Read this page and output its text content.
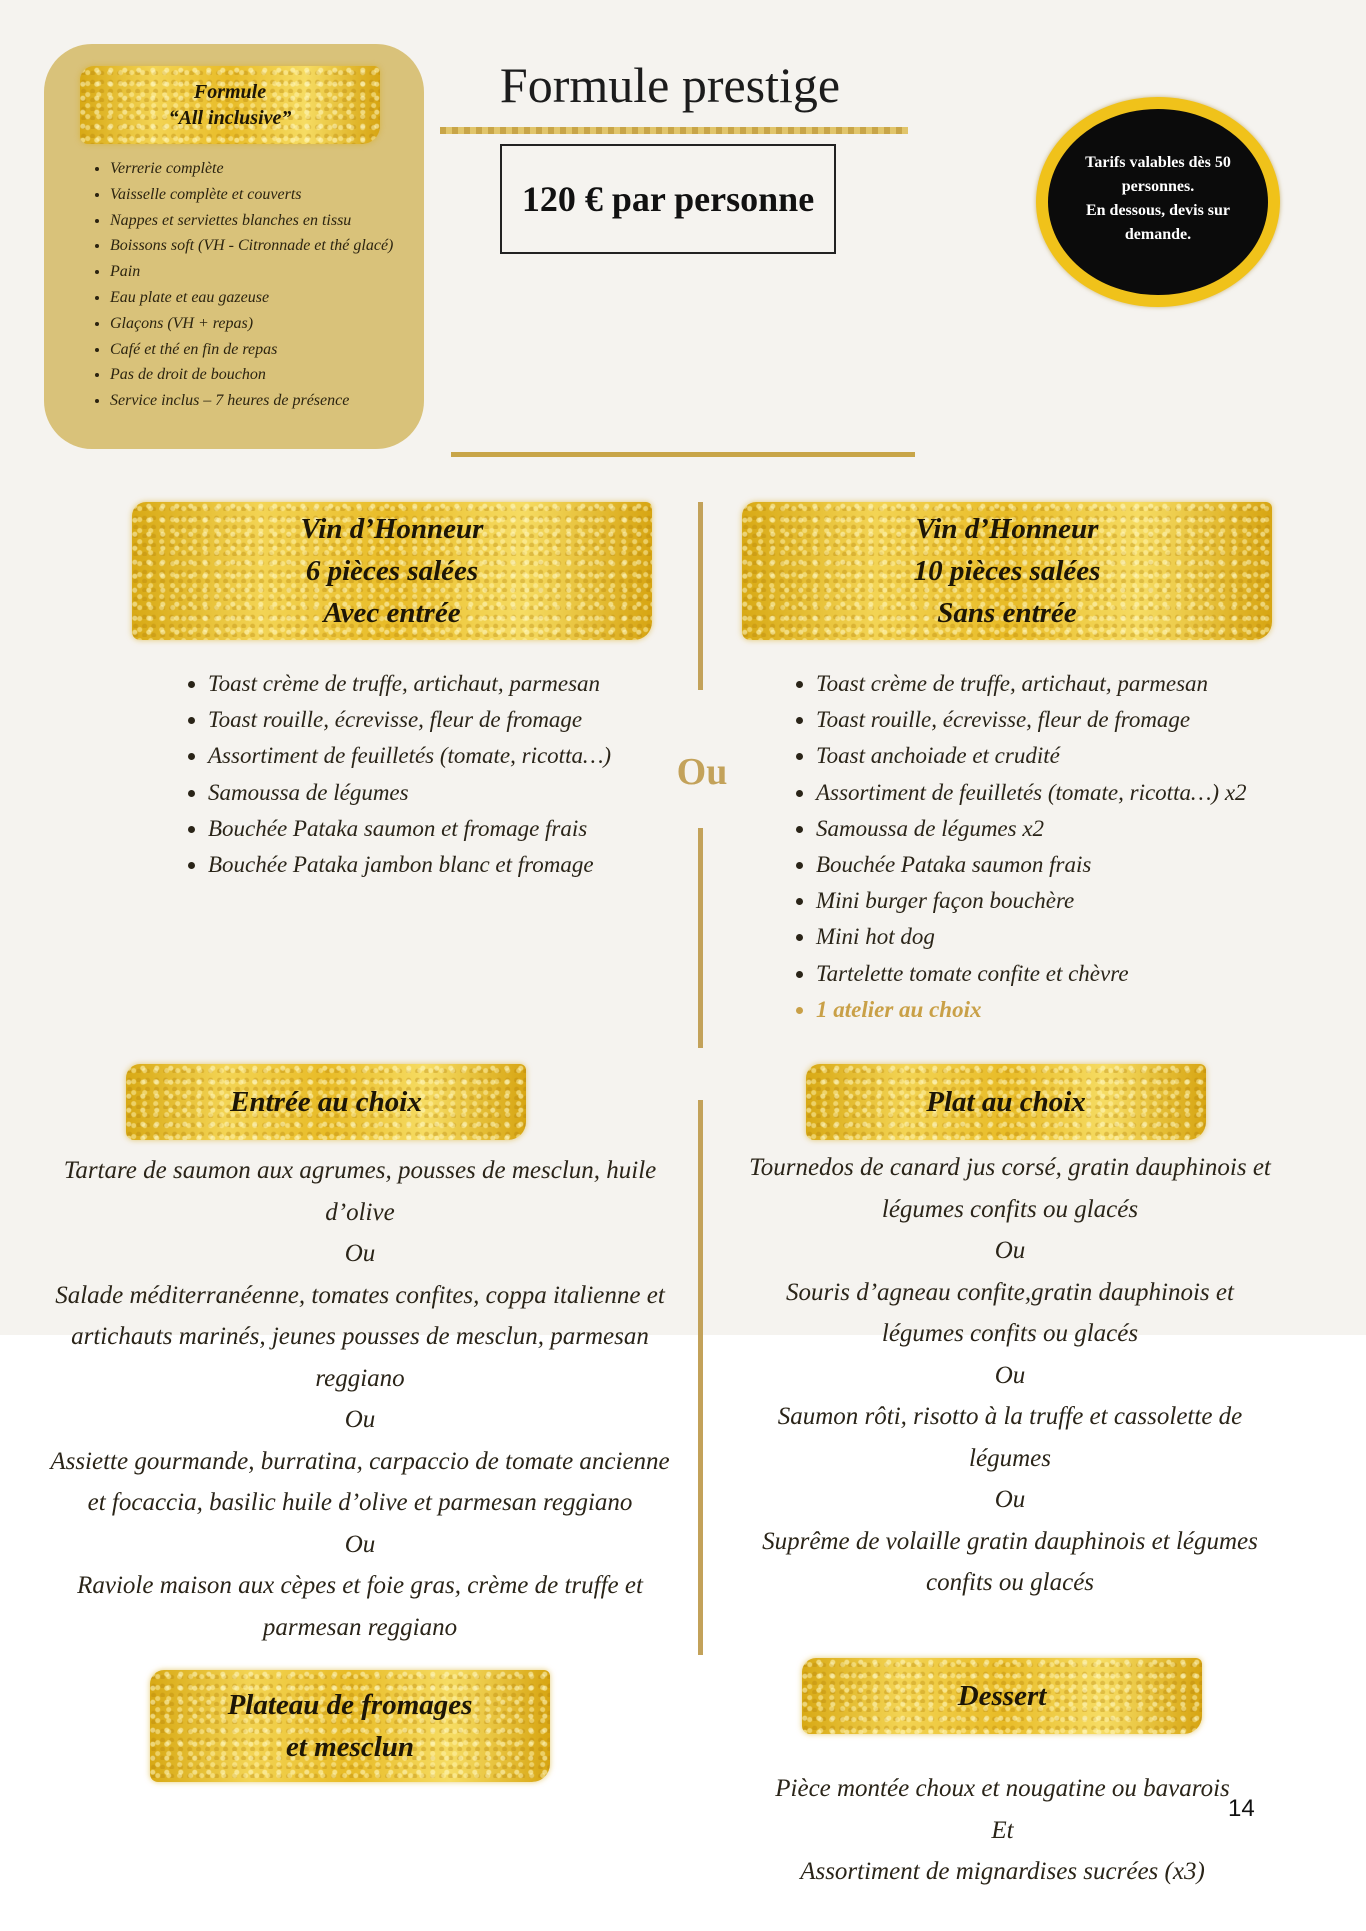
Formule
“All inclusive”
• Verrerie complète
• Vaisselle complète et couverts
• Nappes et serviettes blanches en tissu
• Boissons soft (VH - Citronnade et thé glacé)
• Pain
• Eau plate et eau gazeuse
• Glaçons (VH + repas)
• Café et thé en fin de repas
• Pas de droit de bouchon
• Service inclus – 7 heures de présence
Formule prestige
120 € par personne
Tarifs valables dès 50 personnes.
En dessous, devis sur demande.
Ou
Vin d’Honneur
6 pièces salées
Avec entrée
• Toast crème de truffe, artichaut, parmesan
• Toast rouille, écrevisse, fleur de fromage
• Assortiment de feuilletés (tomate, ricotta…)
• Samoussa de légumes
• Bouchée Pataka saumon et fromage frais
• Bouchée Pataka jambon blanc et fromage
Vin d’Honneur
10 pièces salées
Sans entrée
• Toast crème de truffe, artichaut, parmesan
• Toast rouille, écrevisse, fleur de fromage
• Toast anchoiade et crudité
• Assortiment de feuilletés (tomate, ricotta…) x2
• Samoussa de légumes x2
• Bouchée Pataka saumon frais
• Mini burger façon bouchère
• Mini hot dog
• Tartelette tomate confite et chèvre
• 1 atelier au choix
Entrée au choix
Tartare de saumon aux agrumes, pousses de mesclun, huile
d’olive
Ou
Salade méditerranéenne, tomates confites, coppa italienne et
artichauts marinés, jeunes pousses de mesclun, parmesan
reggiano
Ou
Assiette gourmande, burratina, carpaccio de tomate ancienne
et focaccia, basilic huile d’olive et parmesan reggiano
Ou
Raviole maison aux cèpes et foie gras, crème de truffe et
parmesan reggiano
Plat au choix
Tournedos de canard jus corsé, gratin dauphinois et
légumes confits ou glacés
Ou
Souris d’agneau confite,gratin dauphinois et
légumes confits ou glacés
Ou
Saumon rôti, risotto à la truffe et cassolette de
légumes
Ou
Suprême de volaille gratin dauphinois et légumes
confits ou glacés
Plateau de fromages
et mesclun
Dessert
Pièce montée choux et nougatine ou bavarois
Et
Assortiment de mignardises sucrées (x3)
14
